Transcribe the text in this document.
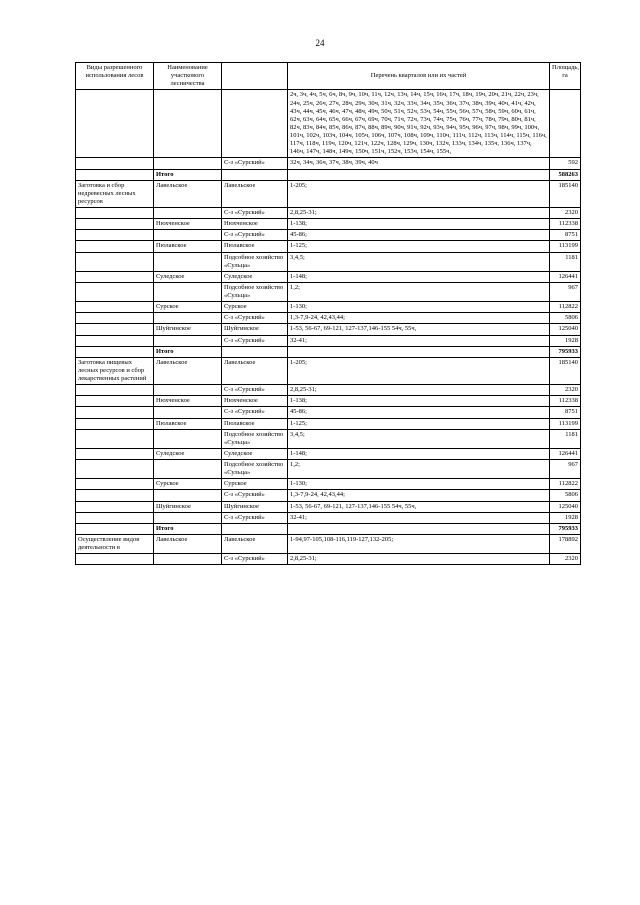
24
Виды разрешенного использования лесов	Наименование участкового лесничества		Перечень кварталов или их частей	Площадь, га
			2ч, 3ч, 4ч, 5ч, 6ч, 8ч, 9ч, 10ч, 11ч, 12ч, 13ч, 14ч, 15ч, 16ч, 17ч, 18ч, 19ч, 20ч, 21ч, 22ч, 23ч, 24ч, 25ч, 26ч, 27ч, 28ч, 29ч, 30ч, 31ч, 32ч, 33ч, 34ч, 35ч, 36ч, 37ч, 38ч, 39ч, 40ч, 41ч, 42ч, 43ч, 44ч, 45ч, 46ч, 47ч, 48ч, 49ч, 50ч, 51ч, 52ч, 53ч, 54ч, 55ч, 56ч, 57ч, 58ч, 59ч, 60ч, 61ч, 62ч, 63ч, 64ч, 65ч, 66ч, 67ч, 69ч, 70ч, 71ч, 72ч, 73ч, 74ч, 75ч, 76ч, 77ч, 78ч, 79ч, 80ч, 81ч, 82ч, 83ч, 84ч, 85ч, 86ч, 87ч, 88ч, 89ч, 90ч, 91ч, 92ч, 93ч, 94ч, 95ч, 96ч, 97ч, 98ч, 99ч, 100ч, 101ч, 102ч, 103ч, 104ч, 105ч, 106ч, 107ч, 108ч, 109ч, 110ч, 111ч, 112ч, 113ч, 114ч, 115ч, 116ч, 117ч, 118ч, 119ч, 120ч, 121ч, 122ч, 128ч, 129ч, 130ч, 132ч, 133ч, 134ч, 135ч, 136ч, 137ч, 146ч, 147ч, 148ч, 149ч, 150ч, 151ч, 152ч, 153ч, 154ч, 155ч,	
		С-з «Сурский»	32ч, 34ч, 36ч, 37ч, 38ч, 39ч, 40ч	592
	Итого			588263
Заготовка и сбор недревесных лесных ресурсов	Лавельское	Лавельское	1-205;	185140
		С-з «Сурский»	2,8,25-31;	2320
	Нюхченское	Нюхченское	1-138;	112338
		С-з «Сурский»	45-86;	8751
	Пюлавское	Пюлавское	1-125;	113199
		Подсобное хозяйство «Сульца»	3,4,5;	1181
	Суледское	Суледское	1-148;	126441
		Подсобное хозяйство «Сульца»	1,2;	967
	Сурское	Сурское	1-130;	112822
		С-з «Сурский»	1,3-7,9-24, 42,43,44;	5806
	Шуйгинское	Шуйгинское	1-53, 56-67, 69-121, 127-137,146-155 54ч, 55ч,	125040
		С-з «Сурский»	32-41;	1928
	Итого			795933
Заготовка пищевых лесных ресурсов и сбор лекарственных растений	Лавельское	Лавельское	1-205;	185140
		С-з «Сурский»	2,8,25-31;	2320
	Нюхченское	Нюхченское	1-138;	112338
		С-з «Сурский»	45-86;	8751
	Пюлавское	Пюлавское	1-125;	113199
		Подсобное хозяйство «Сульца»	3,4,5;	1181
	Суледское	Суледское	1-148;	126441
		Подсобное хозяйство «Сульца»	1,2;	967
	Сурское	Сурское	1-130;	112822
		С-з «Сурский»	1,3-7,9-24, 42,43,44;	5806
	Шуйгинское	Шуйгинское	1-53, 56-67, 69-121, 127-137,146-155 54ч, 55ч,	125040
		С-з «Сурский»	32-41;	1928
	Итого			795933
Осуществление видов деятельности в	Лавельское	Лавельское	1-94,97-105,108-116,119-127,132-205;	178892
		С-з «Сурский»	2,8,25-31;	2320
